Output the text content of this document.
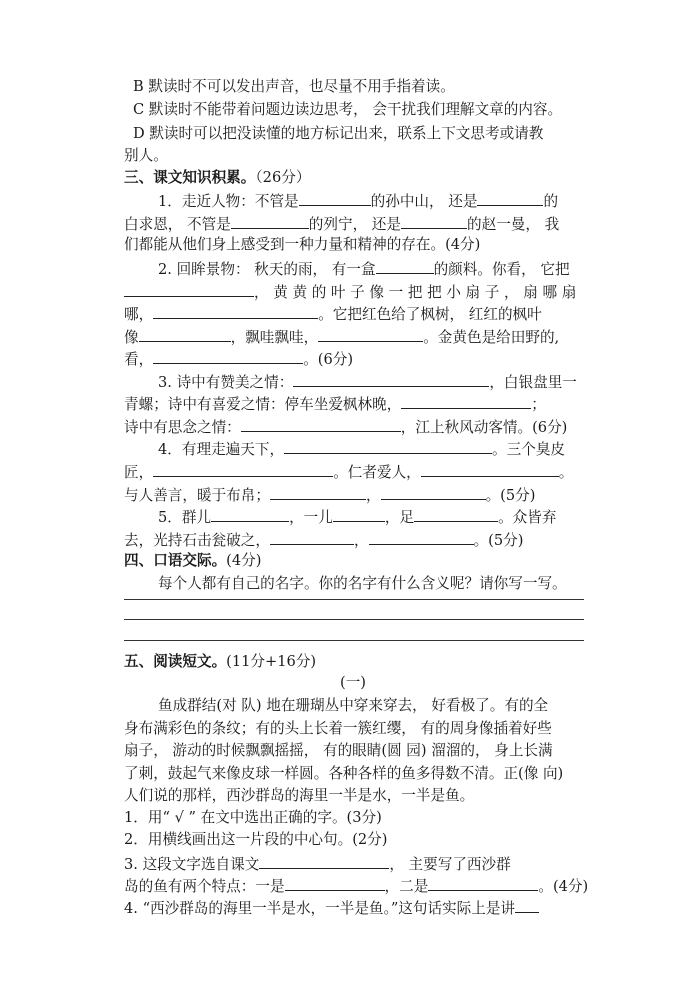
B 默读时不可以发出声音，也尽量不用手指着读。
C 默读时不能带着问题边读边思考， 会干扰我们理解文章的内容。
D 默读时可以把没读懂的地方标记出来，联系上下文思考或请教
别人。
三、课文知识积累。（26分）
1．走近人物：不管是	的孙中山， 还是	的
白求恩， 不管是	的列宁， 还是	的赵一曼， 我
们都能从他们身上感受到一种力量和精神的存在。(4分)
2. 回眸景物： 秋天的雨， 有一盒	的颜料。你看， 它把
， 黄 黄 的 叶 子 像 一 把 把 小 扇 子 ， 扇 哪 扇
哪，	。它把红色给了枫树， 红红的枫叶
像	，飘哇飘哇，	。金黄色是给田野的,
看，	。(6分)
3. 诗中有赞美之情：	，白银盘里一
青螺；诗中有喜爱之情：停车坐爱枫林晚，	；
诗中有思念之情：	，江上秋风动客情。(6分)
4．有理走遍天下，	。三个臭皮
匠，	。仁者爱人，	。
与人善言，暖于布帛；	，	。(5分)
5．群儿	，一儿	，足	。众皆弃
去，光持石击瓮破之，	，	。(5分)
四、口语交际。(4分)
每个人都有自己的名字。你的名字有什么含义呢？请你写一写。
五、阅读短文。(11分+16分)
(一)
鱼成群结(对 队) 地在珊瑚丛中穿来穿去， 好看极了。有的全
身布满彩色的条纹；有的头上长着一簇红缨， 有的周身像插着好些
扇子， 游动的时候飘飘摇摇， 有的眼睛(圆 园) 溜溜的， 身上长满
了刺，鼓起气来像皮球一样圆。各种各样的鱼多得数不清。正(像 向)
人们说的那样，西沙群岛的海里一半是水，一半是鱼。
1．用“ √ ” 在文中选出正确的字。(3分)
2．用横线画出这一片段的中心句。(2分)
3. 这段文字选自课文	， 主要写了西沙群
岛的鱼有两个特点：一是	，二是	。(4分)
4. “西沙群岛的海里一半是水，一半是鱼。”这句话实际上是讲
